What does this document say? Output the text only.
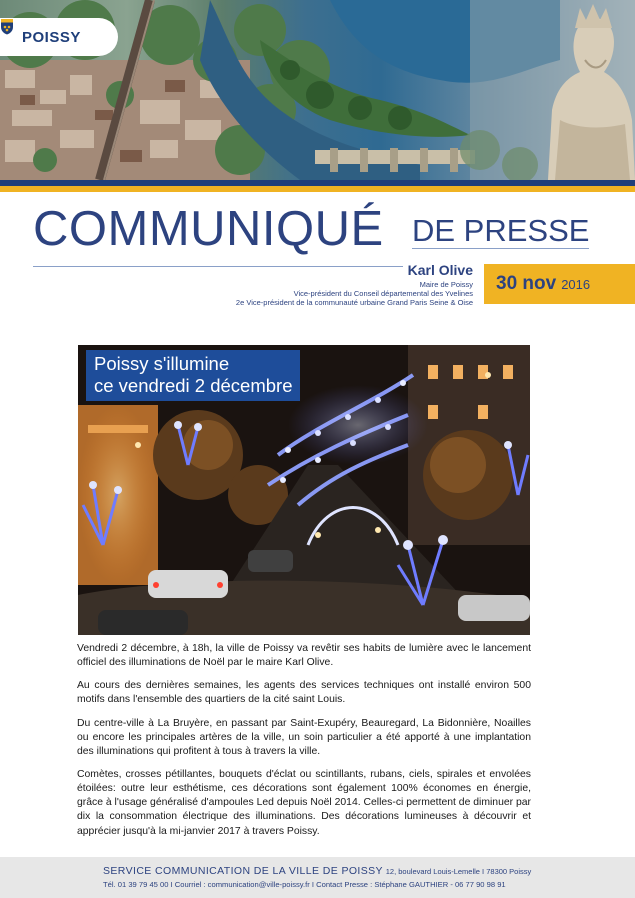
POISSY
COMMUNIQUÉ DE PRESSE
Karl Olive
Maire de Poissy
Vice-président du Conseil départemental des Yvelines
2e Vice-président de la communauté urbaine Grand Paris Seine & Oise
30 nov 2016
Poissy s'illumine
ce vendredi 2 décembre

Vendredi 2 décembre, à 18h, la ville de Poissy va revêtir ses habits de lumière avec le lancement officiel des illuminations de Noël par le maire Karl Olive.

Au cours des dernières semaines, les agents des services techniques ont installé environ 500 motifs dans l'ensemble des quartiers de la cité saint Louis.

Du centre-ville à La Bruyère, en passant par Saint-Exupéry, Beauregard, La Bidonnière, Noailles ou encore les principales artères de la ville, un soin particulier a été apporté à une implantation des illuminations qui profitent à tous à travers la ville.

Comètes, crosses pétillantes, bouquets d'éclat ou scintillants, rubans, ciels, spirales et envolées étoilées: outre leur esthétisme, ces décorations sont également 100% économes en énergie, grâce à l'usage généralisé d'ampoules Led depuis Noël 2014. Celles-ci permettent de diminuer par dix la consommation électrique des illuminations. Des décorations lumineuses à découvrir et apprécier jusqu'à la mi-janvier 2017 à travers Poissy.

SERVICE COMMUNICATION DE LA VILLE DE POISSY 12, boulevard Louis-Lemelle I 78300 Poissy
Tél. 01 39 79 45 00 I Courriel : communication@ville-poissy.fr I Contact Presse : Stéphane GAUTHIER - 06 77 90 98 91
